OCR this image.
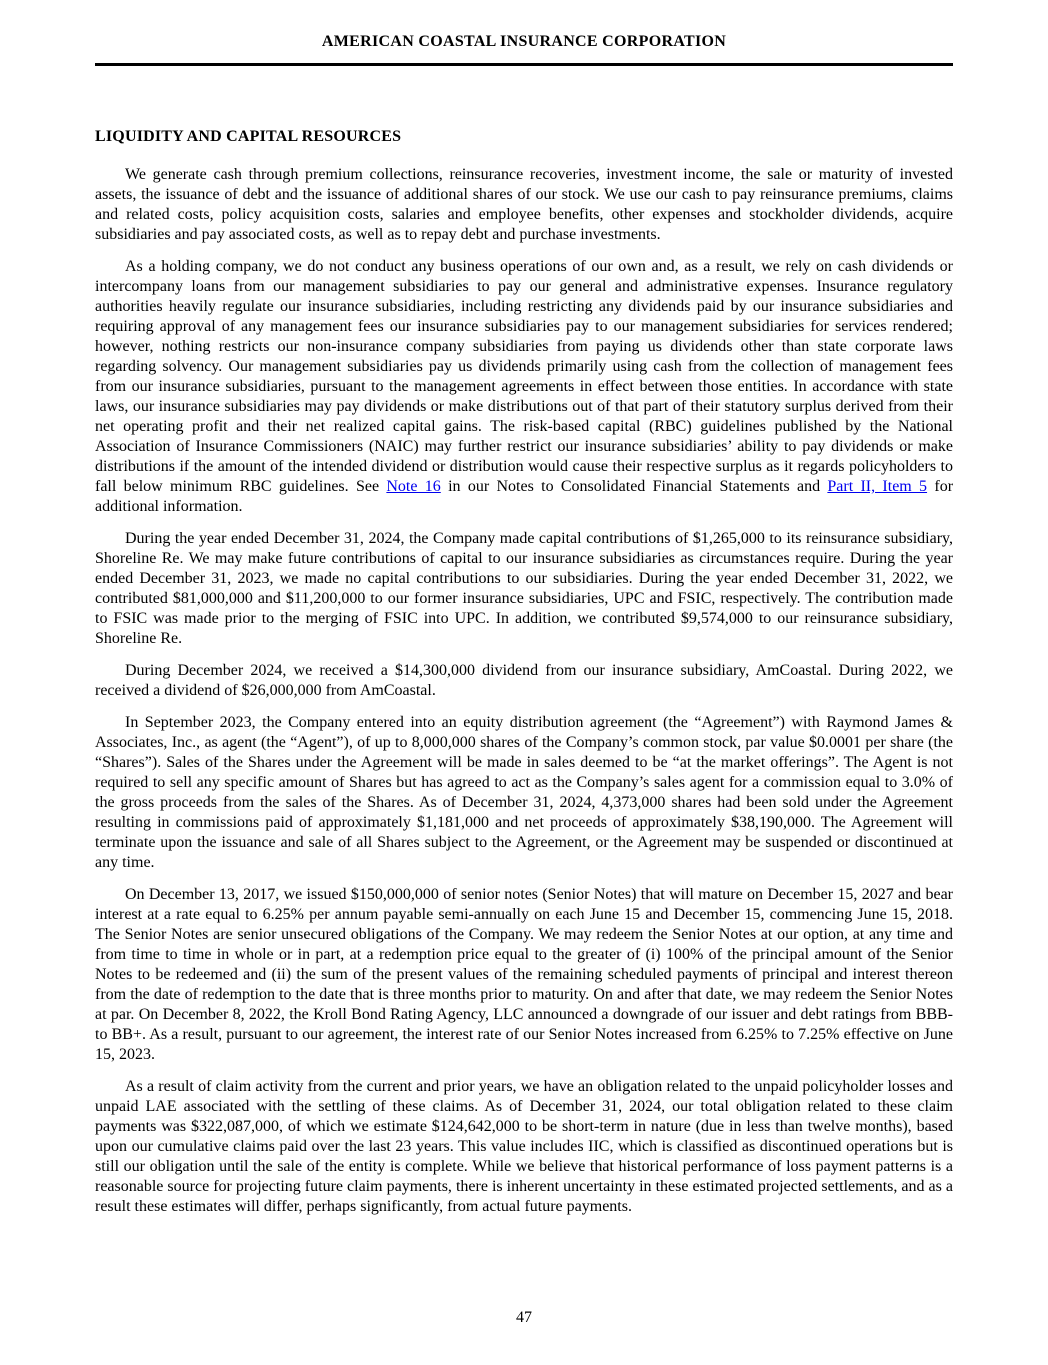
AMERICAN COASTAL INSURANCE CORPORATION
LIQUIDITY AND CAPITAL RESOURCES

We generate cash through premium collections, reinsurance recoveries, investment income, the sale or maturity of invested assets, the issuance of debt and the issuance of additional shares of our stock. We use our cash to pay reinsurance premiums, claims and related costs, policy acquisition costs, salaries and employee benefits, other expenses and stockholder dividends, acquire subsidiaries and pay associated costs, as well as to repay debt and purchase investments.

As a holding company, we do not conduct any business operations of our own and, as a result, we rely on cash dividends or intercompany loans from our management subsidiaries to pay our general and administrative expenses. Insurance regulatory authorities heavily regulate our insurance subsidiaries, including restricting any dividends paid by our insurance subsidiaries and requiring approval of any management fees our insurance subsidiaries pay to our management subsidiaries for services rendered; however, nothing restricts our non-insurance company subsidiaries from paying us dividends other than state corporate laws regarding solvency. Our management subsidiaries pay us dividends primarily using cash from the collection of management fees from our insurance subsidiaries, pursuant to the management agreements in effect between those entities. In accordance with state laws, our insurance subsidiaries may pay dividends or make distributions out of that part of their statutory surplus derived from their net operating profit and their net realized capital gains. The risk-based capital (RBC) guidelines published by the National Association of Insurance Commissioners (NAIC) may further restrict our insurance subsidiaries’ ability to pay dividends or make distributions if the amount of the intended dividend or distribution would cause their respective surplus as it regards policyholders to fall below minimum RBC guidelines. See Note 16 in our Notes to Consolidated Financial Statements and Part II, Item 5 for additional information.

During the year ended December 31, 2024, the Company made capital contributions of $1,265,000 to its reinsurance subsidiary, Shoreline Re. We may make future contributions of capital to our insurance subsidiaries as circumstances require. During the year ended December 31, 2023, we made no capital contributions to our subsidiaries. During the year ended December 31, 2022, we contributed $81,000,000 and $11,200,000 to our former insurance subsidiaries, UPC and FSIC, respectively. The contribution made to FSIC was made prior to the merging of FSIC into UPC. In addition, we contributed $9,574,000 to our reinsurance subsidiary, Shoreline Re.

During December 2024, we received a $14,300,000 dividend from our insurance subsidiary, AmCoastal. During 2022, we received a dividend of $26,000,000 from AmCoastal.

In September 2023, the Company entered into an equity distribution agreement (the “Agreement”) with Raymond James & Associates, Inc., as agent (the “Agent”), of up to 8,000,000 shares of the Company’s common stock, par value $0.0001 per share (the “Shares”). Sales of the Shares under the Agreement will be made in sales deemed to be “at the market offerings”. The Agent is not required to sell any specific amount of Shares but has agreed to act as the Company’s sales agent for a commission equal to 3.0% of the gross proceeds from the sales of the Shares. As of December 31, 2024, 4,373,000 shares had been sold under the Agreement resulting in commissions paid of approximately $1,181,000 and net proceeds of approximately $38,190,000. The Agreement will terminate upon the issuance and sale of all Shares subject to the Agreement, or the Agreement may be suspended or discontinued at any time.

On December 13, 2017, we issued $150,000,000 of senior notes (Senior Notes) that will mature on December 15, 2027 and bear interest at a rate equal to 6.25% per annum payable semi-annually on each June 15 and December 15, commencing June 15, 2018. The Senior Notes are senior unsecured obligations of the Company. We may redeem the Senior Notes at our option, at any time and from time to time in whole or in part, at a redemption price equal to the greater of (i) 100% of the principal amount of the Senior Notes to be redeemed and (ii) the sum of the present values of the remaining scheduled payments of principal and interest thereon from the date of redemption to the date that is three months prior to maturity. On and after that date, we may redeem the Senior Notes at par. On December 8, 2022, the Kroll Bond Rating Agency, LLC announced a downgrade of our issuer and debt ratings from BBB- to BB+. As a result, pursuant to our agreement, the interest rate of our Senior Notes increased from 6.25% to 7.25% effective on June 15, 2023.

As a result of claim activity from the current and prior years, we have an obligation related to the unpaid policyholder losses and unpaid LAE associated with the settling of these claims. As of December 31, 2024, our total obligation related to these claim payments was $322,087,000, of which we estimate $124,642,000 to be short-term in nature (due in less than twelve months), based upon our cumulative claims paid over the last 23 years. This value includes IIC, which is classified as discontinued operations but is still our obligation until the sale of the entity is complete. While we believe that historical performance of loss payment patterns is a reasonable source for projecting future claim payments, there is inherent uncertainty in these estimated projected settlements, and as a result these estimates will differ, perhaps significantly, from actual future payments.

47
